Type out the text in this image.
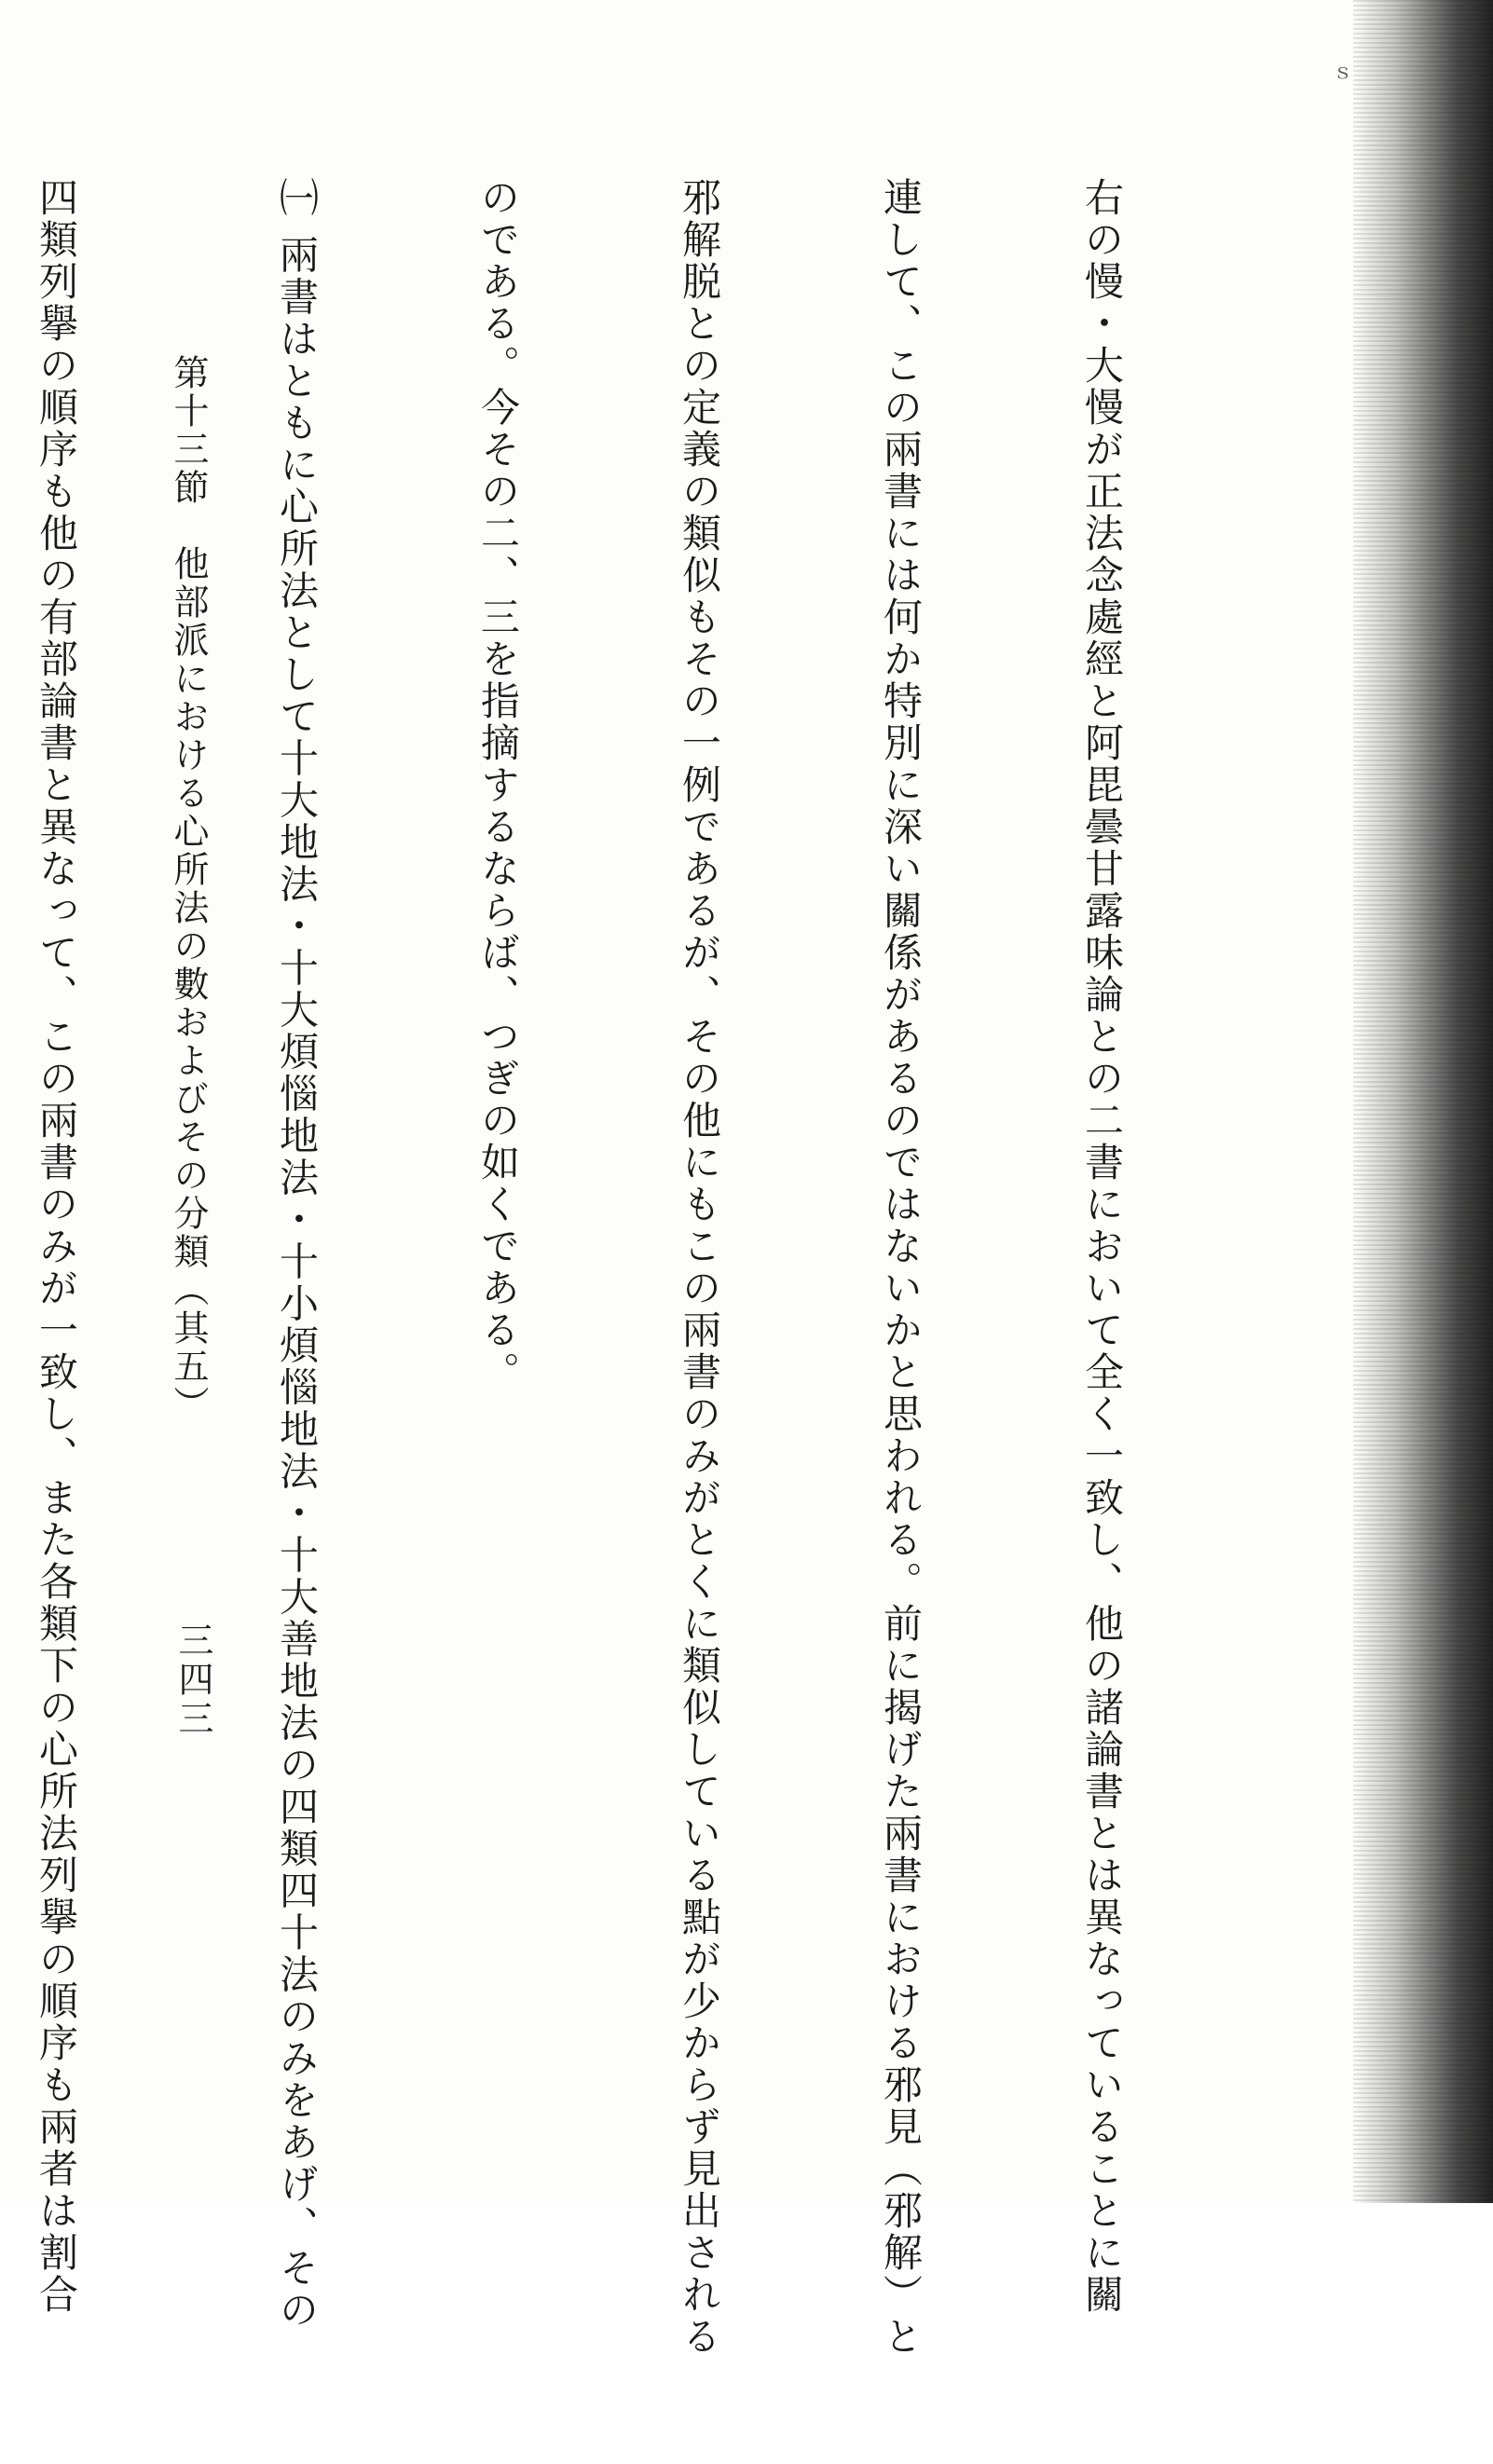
ｓ

右の慢・大慢が正法念處經と阿毘曇甘露味論との二書において全く一致し、他の諸論書とは異なっていることに關

連して、この兩書には何か特別に深い關係があるのではないかと思われる。前に揭げた兩書における邪見（邪解）と

邪解脱との定義の類似もその一例であるが、その他にもこの兩書のみがとくに類似している點が少からず見出される

のである。今その二、三を指摘するならば、つぎの如くである。

㈠ 兩書はともに心所法として十大地法・十大煩惱地法・十小煩惱地法・十大善地法の四類四十法のみをあげ、その

四類列擧の順序も他の有部論書と異なって、この兩書のみが一致し、また各類下の心所法列擧の順序も兩者は割合

	第十三節　他部派における心所法の數およびその分類（其五）
三四三
